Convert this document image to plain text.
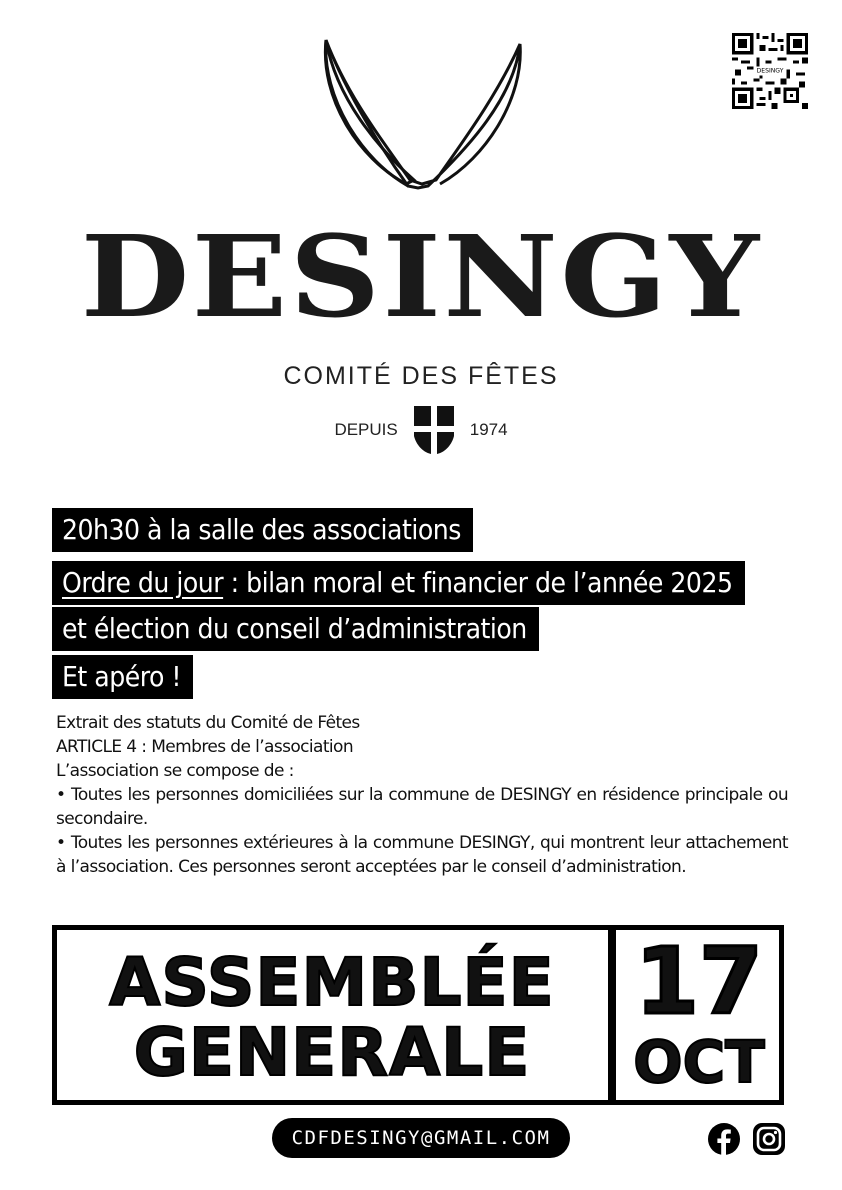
DESINGY
COMITÉ DES FÊTES
DEPUIS	1974
DESINGY
20h30 à la salle des associations
Ordre du jour : bilan moral et financier de l’année 2025
et élection du conseil d’administration
Et apéro !

Extrait des statuts du Comité de Fêtes

ARTICLE 4 : Membres de l’association

L’association se compose de :

• Toutes les personnes domiciliées sur la commune de DESINGY en résidence principale ou secondaire.

• Toutes les personnes extérieures à la commune DESINGY, qui montrent leur attachement à l’association. Ces personnes seront acceptées par le conseil d’administration.

ASSEMBLÉE
GENERALE
17
OCT
CDFDESINGY@GMAIL.COM
